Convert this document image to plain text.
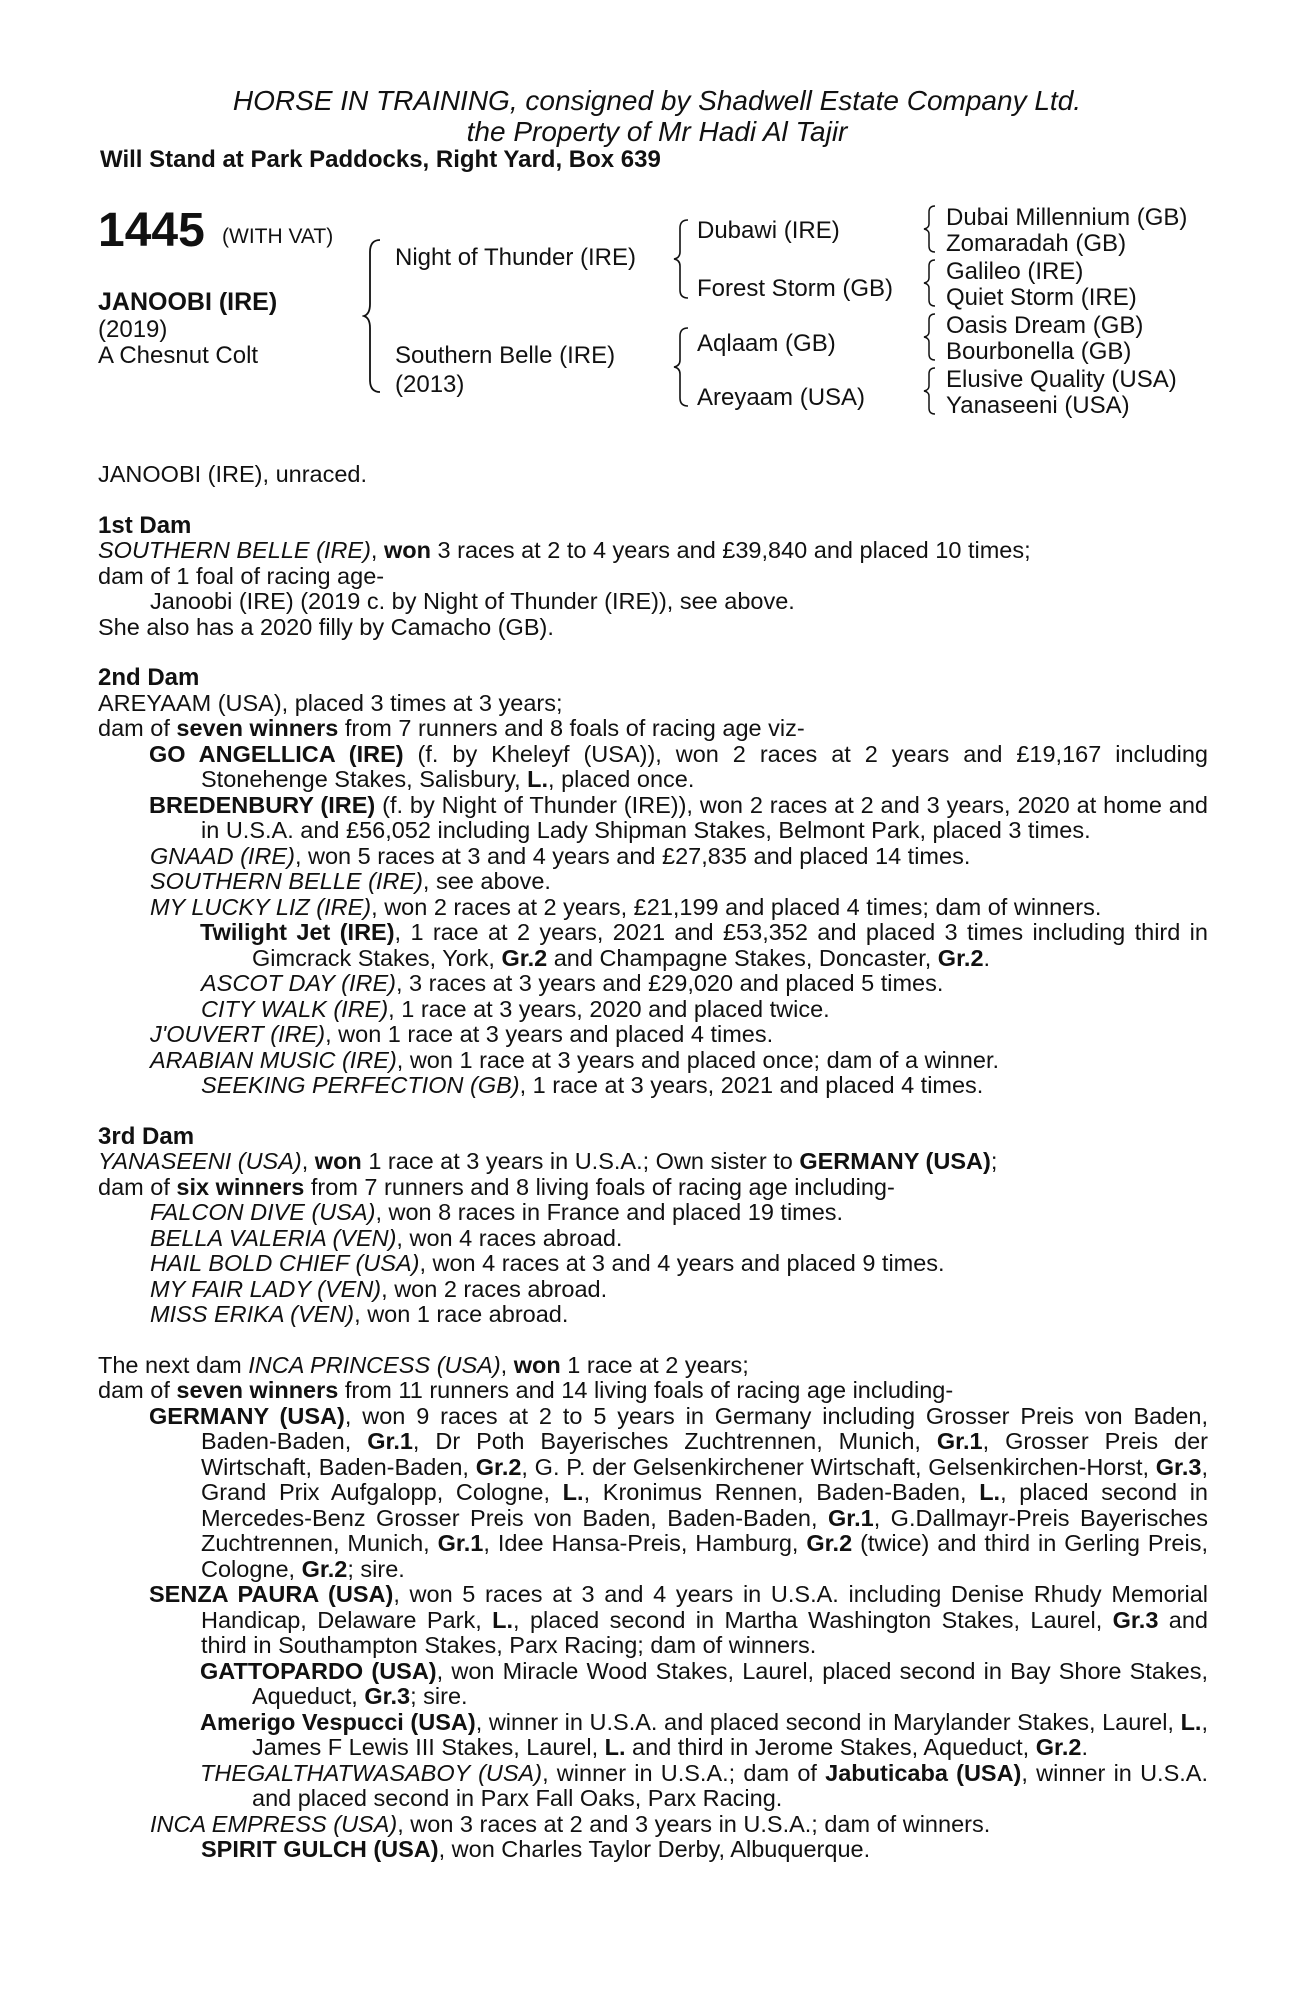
HORSE IN TRAINING, consigned by Shadwell Estate Company Ltd.
the Property of Mr Hadi Al Tajir
Will Stand at Park Paddocks, Right Yard, Box 639
1445 (WITH VAT)
JANOOBI (IRE)
(2019)
A Chesnut Colt
Night of Thunder (IRE)
Southern Belle (IRE)
(2013)
Dubawi (IRE)
Forest Storm (GB)
Aqlaam (GB)
Areyaam (USA)
Dubai Millennium (GB)
Zomaradah (GB)
Galileo (IRE)
Quiet Storm (IRE)
Oasis Dream (GB)
Bourbonella (GB)
Elusive Quality (USA)
Yanaseeni (USA)

JANOOBI (IRE), unraced.

1st Dam

SOUTHERN BELLE (IRE), won 3 races at 2 to 4 years and £39,840 and placed 10 times;

dam of 1 foal of racing age-

Janoobi (IRE) (2019 c. by Night of Thunder (IRE)), see above.

She also has a 2020 filly by Camacho (GB).

2nd Dam

AREYAAM (USA), placed 3 times at 3 years;

dam of seven winners from 7 runners and 8 foals of racing age viz-

GO ANGELLICA (IRE) (f. by Kheleyf (USA)), won 2 races at 2 years and £19,167 including Stonehenge Stakes, Salisbury, L., placed once.

BREDENBURY (IRE) (f. by Night of Thunder (IRE)), won 2 races at 2 and 3 years, 2020 at home and in U.S.A. and £56,052 including Lady Shipman Stakes, Belmont Park, placed 3 times.

GNAAD (IRE), won 5 races at 3 and 4 years and £27,835 and placed 14 times.

SOUTHERN BELLE (IRE), see above.

MY LUCKY LIZ (IRE), won 2 races at 2 years, £21,199 and placed 4 times; dam of winners.

Twilight Jet (IRE), 1 race at 2 years, 2021 and £53,352 and placed 3 times including third in Gimcrack Stakes, York, Gr.2 and Champagne Stakes, Doncaster, Gr.2.

ASCOT DAY (IRE), 3 races at 3 years and £29,020 and placed 5 times.

CITY WALK (IRE), 1 race at 3 years, 2020 and placed twice.

J'OUVERT (IRE), won 1 race at 3 years and placed 4 times.

ARABIAN MUSIC (IRE), won 1 race at 3 years and placed once; dam of a winner.

SEEKING PERFECTION (GB), 1 race at 3 years, 2021 and placed 4 times.

3rd Dam

YANASEENI (USA), won 1 race at 3 years in U.S.A.; Own sister to GERMANY (USA);

dam of six winners from 7 runners and 8 living foals of racing age including-

FALCON DIVE (USA), won 8 races in France and placed 19 times.

BELLA VALERIA (VEN), won 4 races abroad.

HAIL BOLD CHIEF (USA), won 4 races at 3 and 4 years and placed 9 times.

MY FAIR LADY (VEN), won 2 races abroad.

MISS ERIKA (VEN), won 1 race abroad.

The next dam INCA PRINCESS (USA), won 1 race at 2 years;

dam of seven winners from 11 runners and 14 living foals of racing age including-

GERMANY (USA), won 9 races at 2 to 5 years in Germany including Grosser Preis von Baden, Baden-Baden, Gr.1, Dr Poth Bayerisches Zuchtrennen, Munich, Gr.1, Grosser Preis der Wirtschaft, Baden-Baden, Gr.2, G. P. der Gelsenkirchener Wirtschaft, Gelsenkirchen-Horst, Gr.3, Grand Prix Aufgalopp, Cologne, L., Kronimus Rennen, Baden-Baden, L., placed second in Mercedes-Benz Grosser Preis von Baden, Baden-Baden, Gr.1, G.Dallmayr-Preis Bayerisches Zuchtrennen, Munich, Gr.1, Idee Hansa-Preis, Hamburg, Gr.2 (twice) and third in Gerling Preis, Cologne, Gr.2; sire.

SENZA PAURA (USA), won 5 races at 3 and 4 years in U.S.A. including Denise Rhudy Memorial Handicap, Delaware Park, L., placed second in Martha Washington Stakes, Laurel, Gr.3 and third in Southampton Stakes, Parx Racing; dam of winners.

GATTOPARDO (USA), won Miracle Wood Stakes, Laurel, placed second in Bay Shore Stakes, Aqueduct, Gr.3; sire.

Amerigo Vespucci (USA), winner in U.S.A. and placed second in Marylander Stakes, Laurel, L., James F Lewis III Stakes, Laurel, L. and third in Jerome Stakes, Aqueduct, Gr.2.

THEGALTHATWASABOY (USA), winner in U.S.A.; dam of Jabuticaba (USA), winner in U.S.A. and placed second in Parx Fall Oaks, Parx Racing.

INCA EMPRESS (USA), won 3 races at 2 and 3 years in U.S.A.; dam of winners.

SPIRIT GULCH (USA), won Charles Taylor Derby, Albuquerque.
